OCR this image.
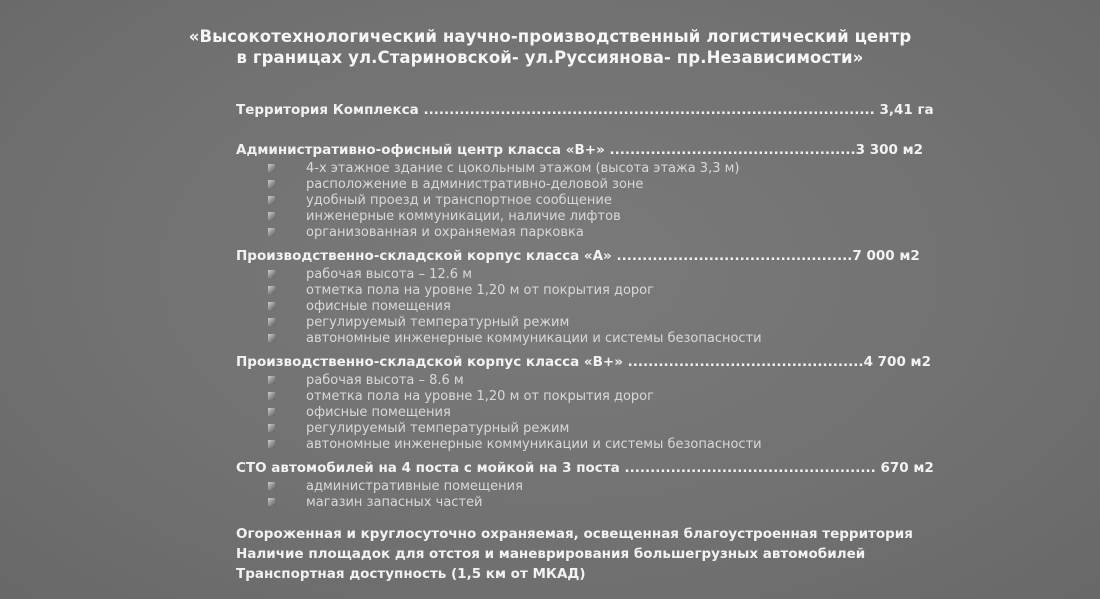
«Высокотехнологический научно-производственный логистический центр
в границах ул.Стариновской- ул.Руссиянова- пр.Независимости»
Территория Комплекса ........................................................................................ 3,41 га
Административно-офисный центр класса «В+» ................................................3 300 м2
4-х этажное здание с цокольным этажом (высота этажа 3,3 м)
расположение в административно-деловой зоне
удобный проезд и транспортное сообщение
инженерные коммуникации, наличие лифтов
организованная и охраняемая парковка
Производственно-складской корпус класса «А» ..............................................7 000 м2
рабочая высота – 12.6 м
отметка пола на уровне 1,20 м от покрытия дорог
офисные помещения
регулируемый температурный режим
автономные инженерные коммуникации и системы безопасности
Производственно-складской корпус класса «В+» ..............................................4 700 м2
рабочая высота – 8.6 м
отметка пола на уровне 1,20 м от покрытия дорог
офисные помещения
регулируемый температурный режим
автономные инженерные коммуникации и системы безопасности
СТО автомобилей на 4 поста с мойкой на 3 поста ................................................. 670 м2
административные помещения
магазин запасных частей
Огороженная и круглосуточно охраняемая, освещенная благоустроенная территория
Наличие площадок для отстоя и маневрирования большегрузных автомобилей
Транспортная доступность (1,5 км от МКАД)
